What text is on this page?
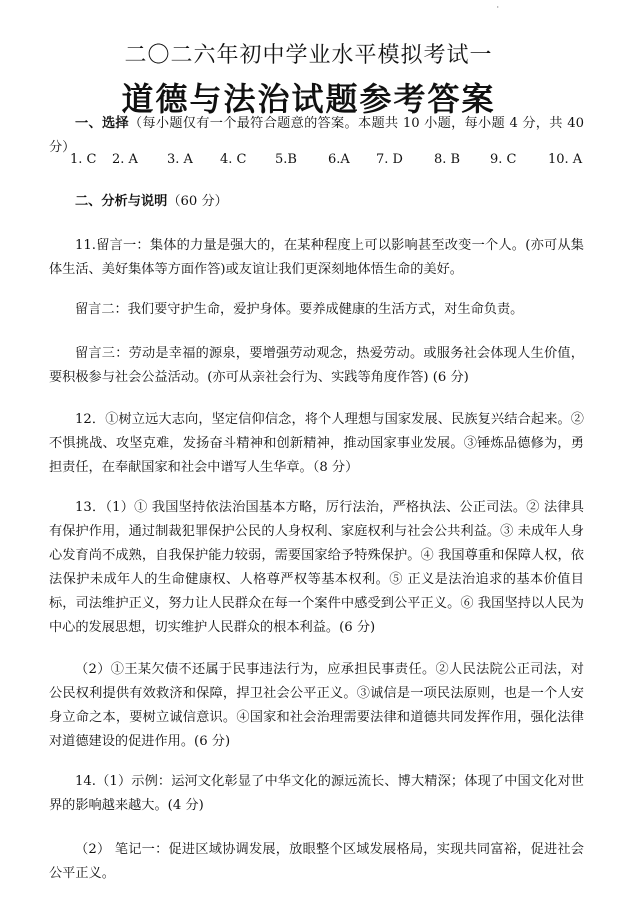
·
二〇二六年初中学业水平模拟考试一
道德与法治试题参考答案

一、选择（每小题仅有一个最符合题意的答案。本题共 10 小题，每小题 4 分，共 40 分）

1. C 2. A 3. A 4. C 5.B 6.A 7. D 8. B 9. C 10. A

二、分析与说明（60 分）

11.留言一：集体的力量是强大的，在某种程度上可以影响甚至改变一个人。(亦可从集体生活、美好集体等方面作答)或友谊让我们更深刻地体悟生命的美好。

留言二：我们要守护生命，爱护身体。要养成健康的生活方式，对生命负责。

留言三：劳动是幸福的源泉，要增强劳动观念，热爱劳动。或服务社会体现人生价值，要积极参与社会公益活动。(亦可从亲社会行为、实践等角度作答) (6 分)

12．①树立远大志向，坚定信仰信念，将个人理想与国家发展、民族复兴结合起来。②不惧挑战、攻坚克难，发扬奋斗精神和创新精神，推动国家事业发展。③锤炼品德修为，勇担责任，在奉献国家和社会中谱写人生华章。（8 分）

13．（1）① 我国坚持依法治国基本方略，厉行法治，严格执法、公正司法。② 法律具有保护作用，通过制裁犯罪保护公民的人身权利、家庭权利与社会公共利益。③ 未成年人身心发育尚不成熟，自我保护能力较弱，需要国家给予特殊保护。④ 我国尊重和保障人权，依法保护未成年人的生命健康权、人格尊严权等基本权利。⑤ 正义是法治追求的基本价值目标，司法维护正义，努力让人民群众在每一个案件中感受到公平正义。⑥ 我国坚持以人民为中心的发展思想，切实维护人民群众的根本利益。(6 分)

（2）①王某欠债不还属于民事违法行为，应承担民事责任。②人民法院公正司法，对公民权利提供有效救济和保障，捍卫社会公平正义。③诚信是一项民法原则，也是一个人安身立命之本，要树立诚信意识。④国家和社会治理需要法律和道德共同发挥作用，强化法律对道德建设的促进作用。(6 分)

14.（1）示例：运河文化彰显了中华文化的源远流长、博大精深；体现了中国文化对世界的影响越来越大。(4 分)

（2） 笔记一：促进区域协调发展，放眼整个区域发展格局，实现共同富裕，促进社会公平正义。
